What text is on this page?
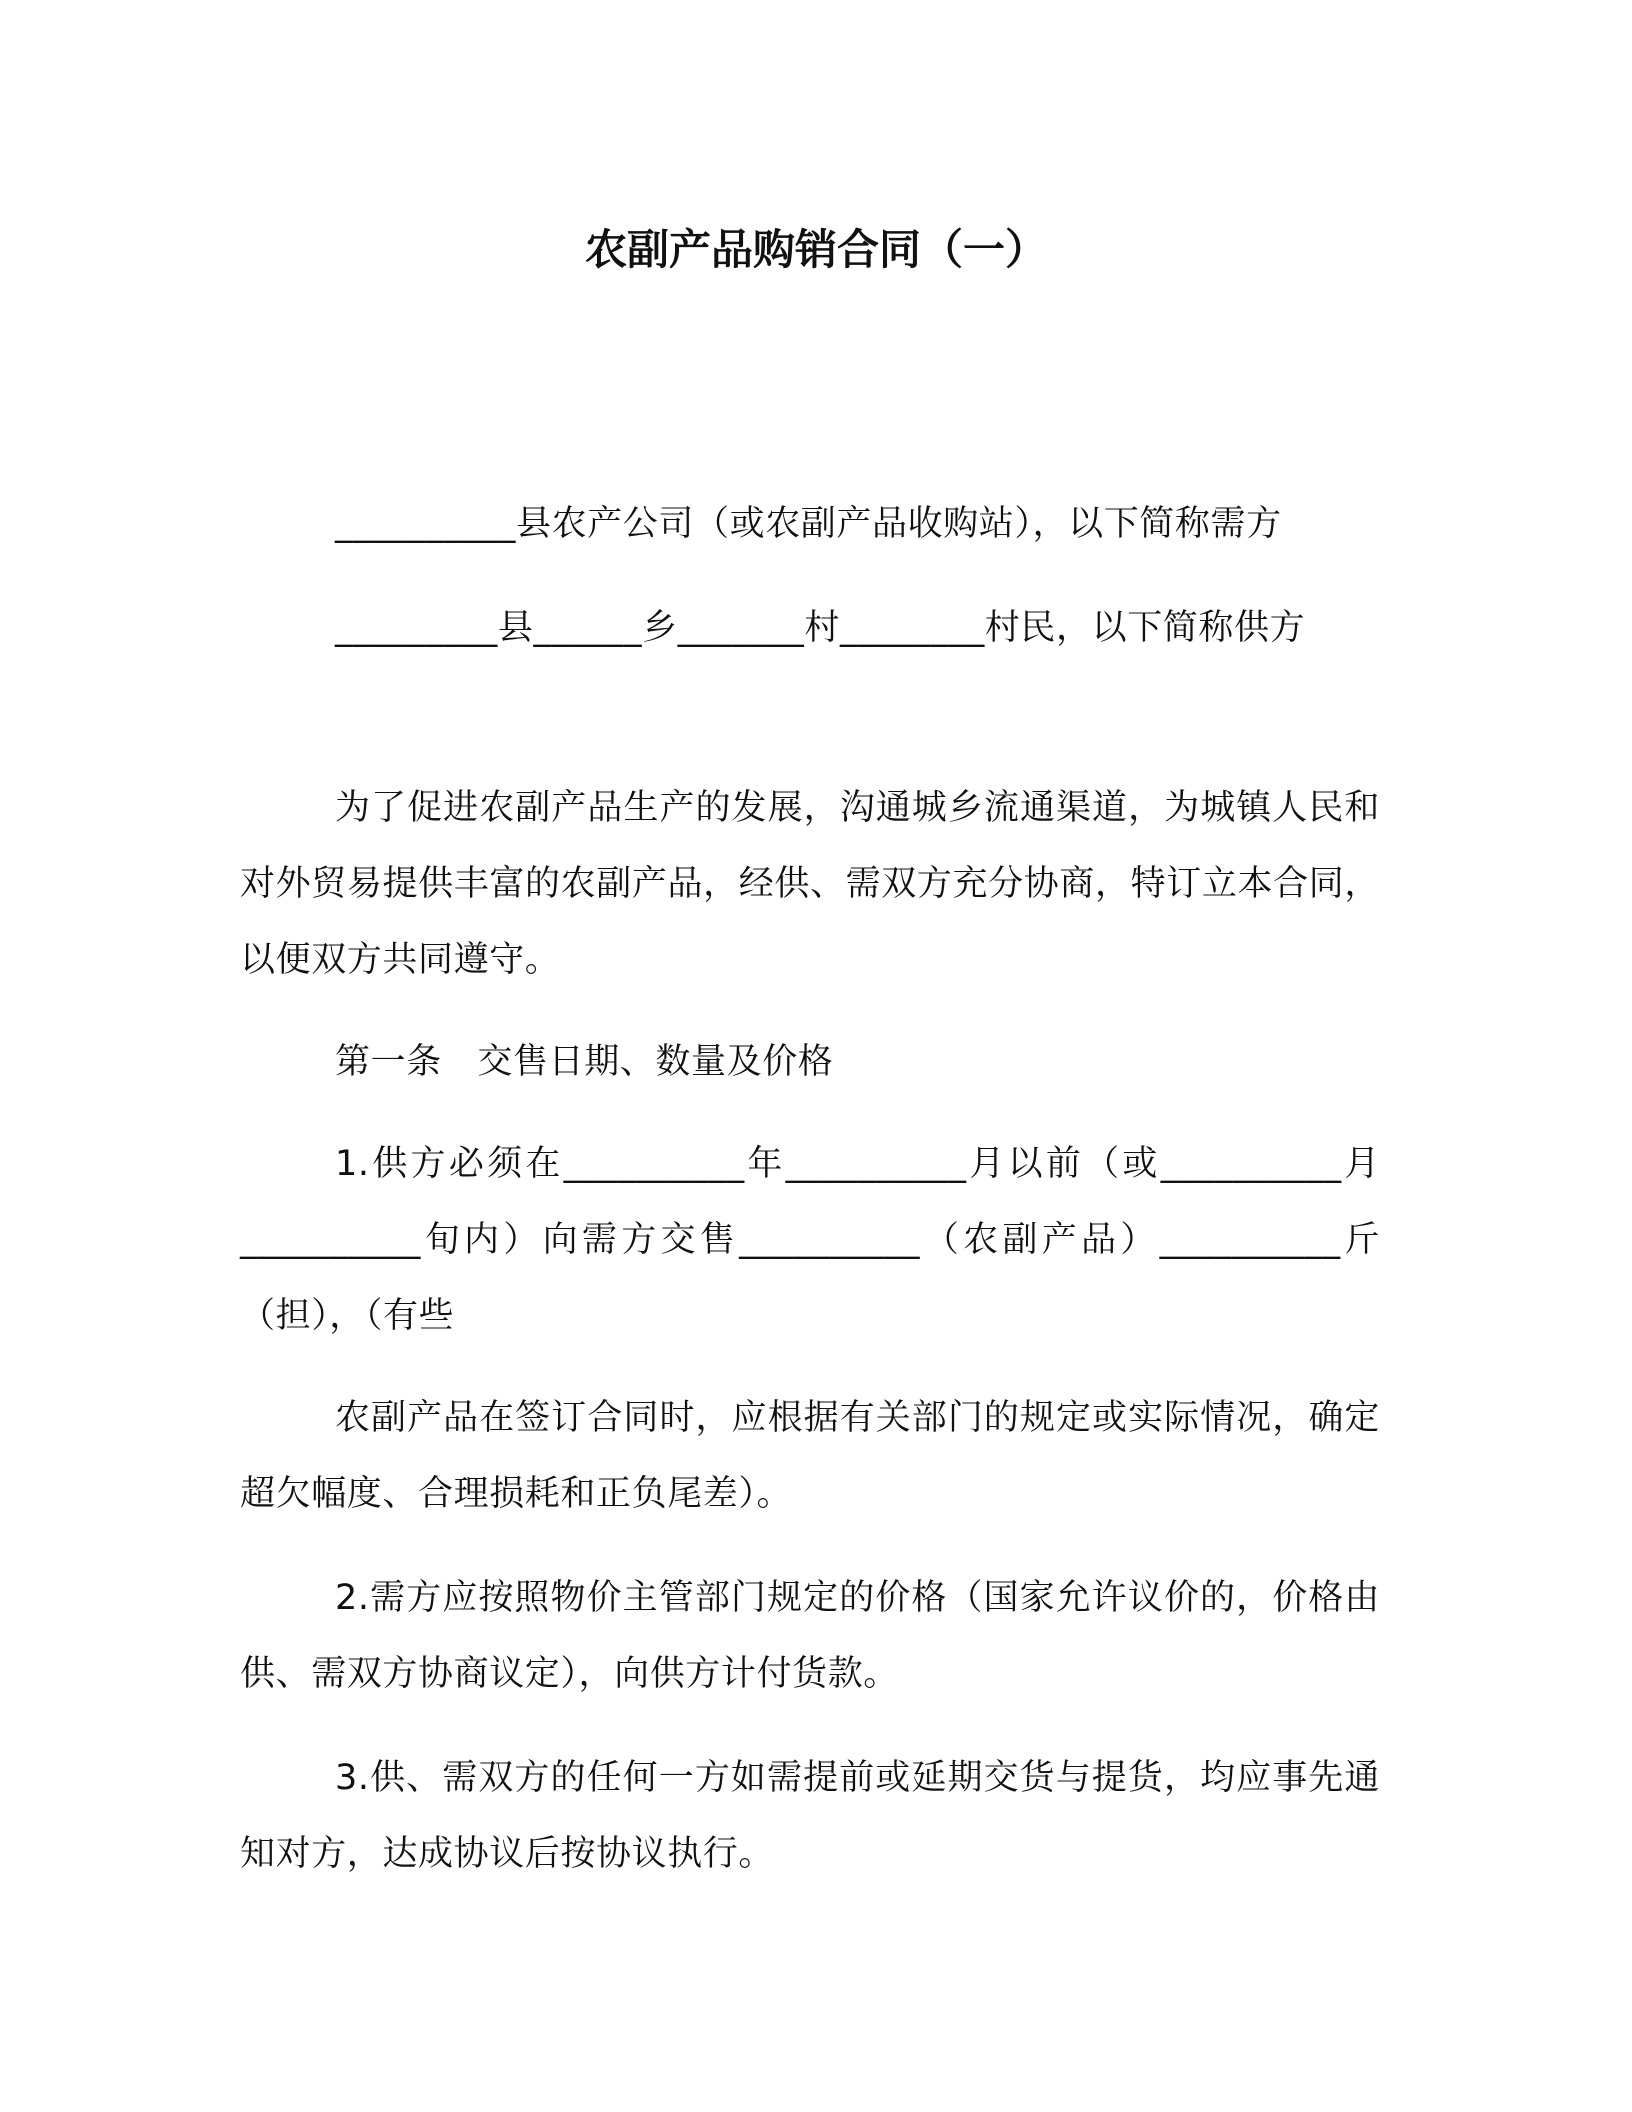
农副产品购销合同（一）

__________县农产公司（或农副产品收购站），以下简称需方

_________县______乡_______村________村民，以下简称供方

为了促进农副产品生产的发展，沟通城乡流通渠道，为城镇人民和对外贸易提供丰富的农副产品，经供、需双方充分协商，特订立本合同，以便双方共同遵守。

第一条　交售日期、数量及价格

1.供方必须在__________年__________月以前（或__________月__________旬内）向需方交售__________（农副产品）__________斤（担），（有些

农副产品在签订合同时，应根据有关部门的规定或实际情况，确定超欠幅度、合理损耗和正负尾差）。

2.需方应按照物价主管部门规定的价格（国家允许议价的，价格由供、需双方协商议定），向供方计付货款。

3.供、需双方的任何一方如需提前或延期交货与提货，均应事先通知对方，达成协议后按协议执行。
